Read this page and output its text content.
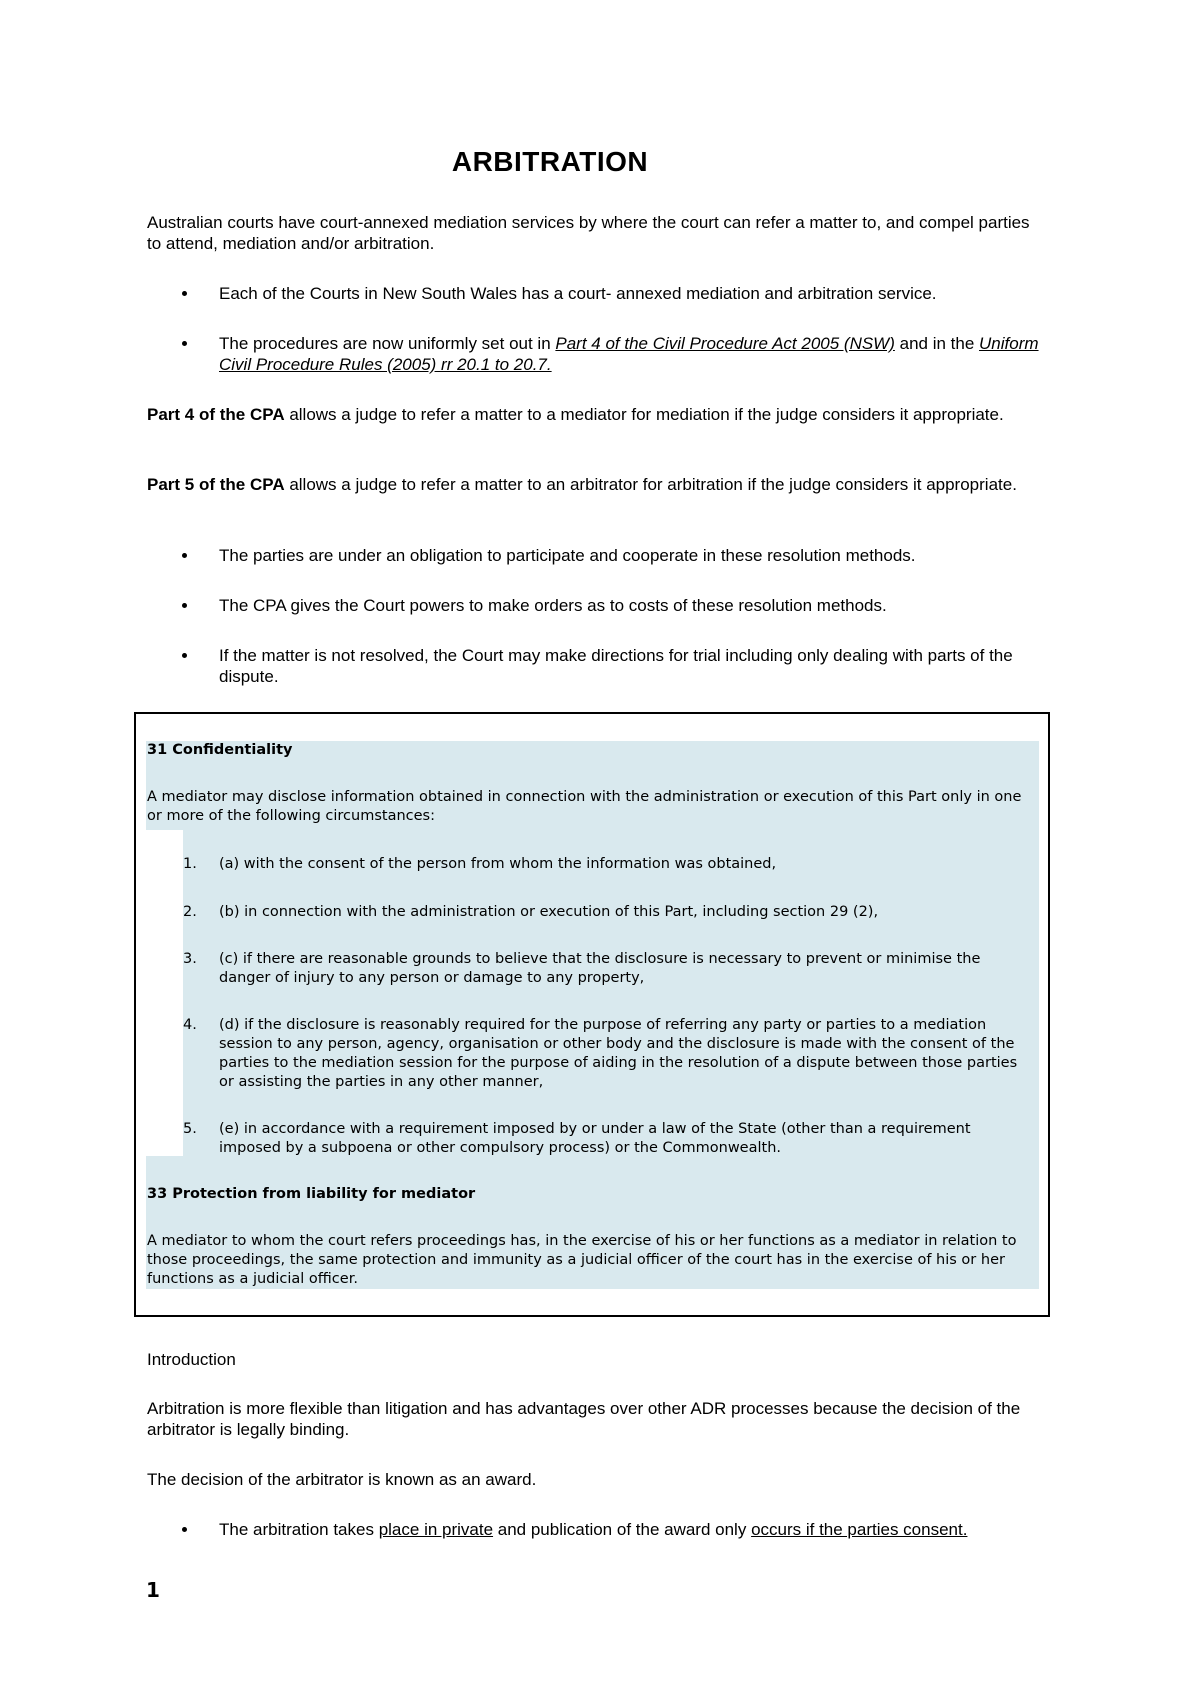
ARBITRATION
Australian courts have court-annexed mediation services by where the court can refer a matter to, and compel parties to attend, mediation and/or arbitration.
Each of the Courts in New South Wales has a court- annexed mediation and arbitration service.
The procedures are now uniformly set out in Part 4 of the Civil Procedure Act 2005 (NSW) and in the Uniform Civil Procedure Rules (2005) rr 20.1 to 20.7.
Part 4 of the CPA allows a judge to refer a matter to a mediator for mediation if the judge considers it appropriate.
Part 5 of the CPA allows a judge to refer a matter to an arbitrator for arbitration if the judge considers it appropriate.
The parties are under an obligation to participate and cooperate in these resolution methods.
The CPA gives the Court powers to make orders as to costs of these resolution methods.
If the matter is not resolved, the Court may make directions for trial including only dealing with parts of the dispute.
31 Confidentiality
A mediator may disclose information obtained in connection with the administration or execution of this Part only in one or more of the following circumstances:
1.	(a) with the consent of the person from whom the information was obtained,
2.	(b) in connection with the administration or execution of this Part, including section 29 (2),
3.	(c) if there are reasonable grounds to believe that the disclosure is necessary to prevent or minimise the danger of injury to any person or damage to any property,
4.	(d) if the disclosure is reasonably required for the purpose of referring any party or parties to a mediation session to any person, agency, organisation or other body and the disclosure is made with the consent of the parties to the mediation session for the purpose of aiding in the resolution of a dispute between those parties or assisting the parties in any other manner,
5.	(e) in accordance with a requirement imposed by or under a law of the State (other than a requirement imposed by a subpoena or other compulsory process) or the Commonwealth.
33 Protection from liability for mediator
A mediator to whom the court refers proceedings has, in the exercise of his or her functions as a mediator in relation to those proceedings, the same protection and immunity as a judicial officer of the court has in the exercise of his or her functions as a judicial officer.
Introduction
Arbitration is more flexible than litigation and has advantages over other ADR processes because the decision of the arbitrator is legally binding.
The decision of the arbitrator is known as an award.
The arbitration takes place in private and publication of the award only occurs if the parties consent.
1
